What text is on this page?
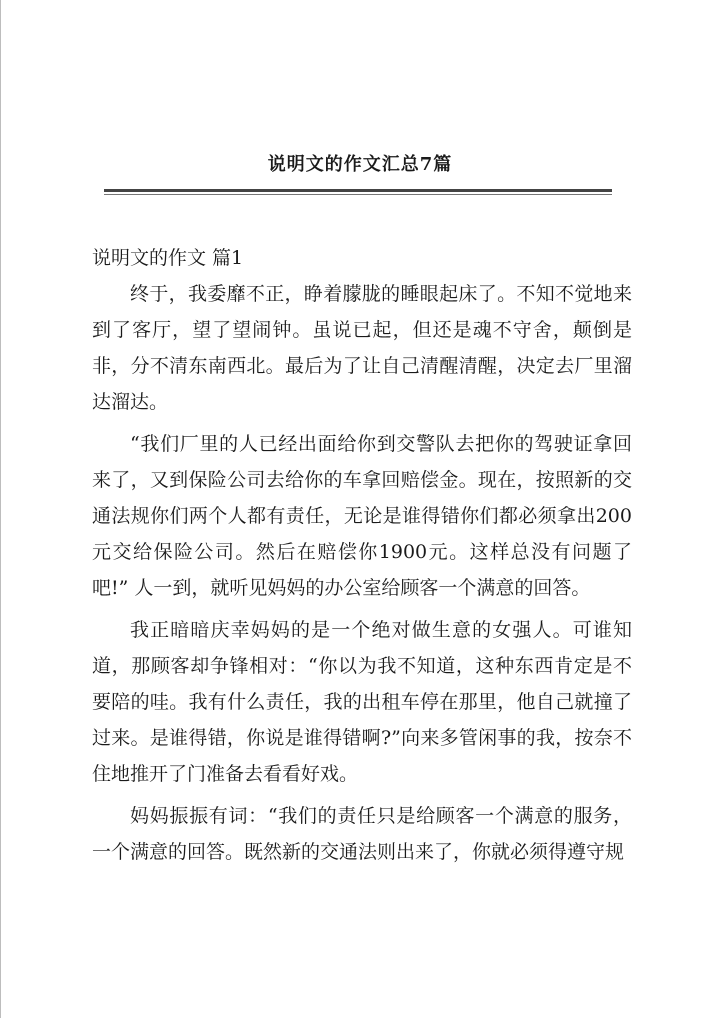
说明文的作文汇总7篇

说明文的作文 篇1

终于，我委靡不正，睁着朦胧的睡眼起床了。不知不觉地来到了客厅，望了望闹钟。虽说已起，但还是魂不守舍，颠倒是非，分不清东南西北。最后为了让自己清醒清醒，决定去厂里溜达溜达。

“我们厂里的人已经出面给你到交警队去把你的驾驶证拿回来了，又到保险公司去给你的车拿回赔偿金。现在，按照新的交通法规你们两个人都有责任，无论是谁得错你们都必须拿出200元交给保险公司。然后在赔偿你1900元。这样总没有问题了吧!” 人一到，就听见妈妈的办公室给顾客一个满意的回答。

我正暗暗庆幸妈妈的是一个绝对做生意的女强人。可谁知道，那顾客却争锋相对：“你以为我不知道，这种东西肯定是不要陪的哇。我有什么责任，我的出租车停在那里，他自己就撞了过来。是谁得错，你说是谁得错啊?”向来多管闲事的我，按奈不住地推开了门准备去看看好戏。

妈妈振振有词：“我们的责任只是给顾客一个满意的服务，一个满意的回答。既然新的交通法则出来了，你就必须得遵守规
